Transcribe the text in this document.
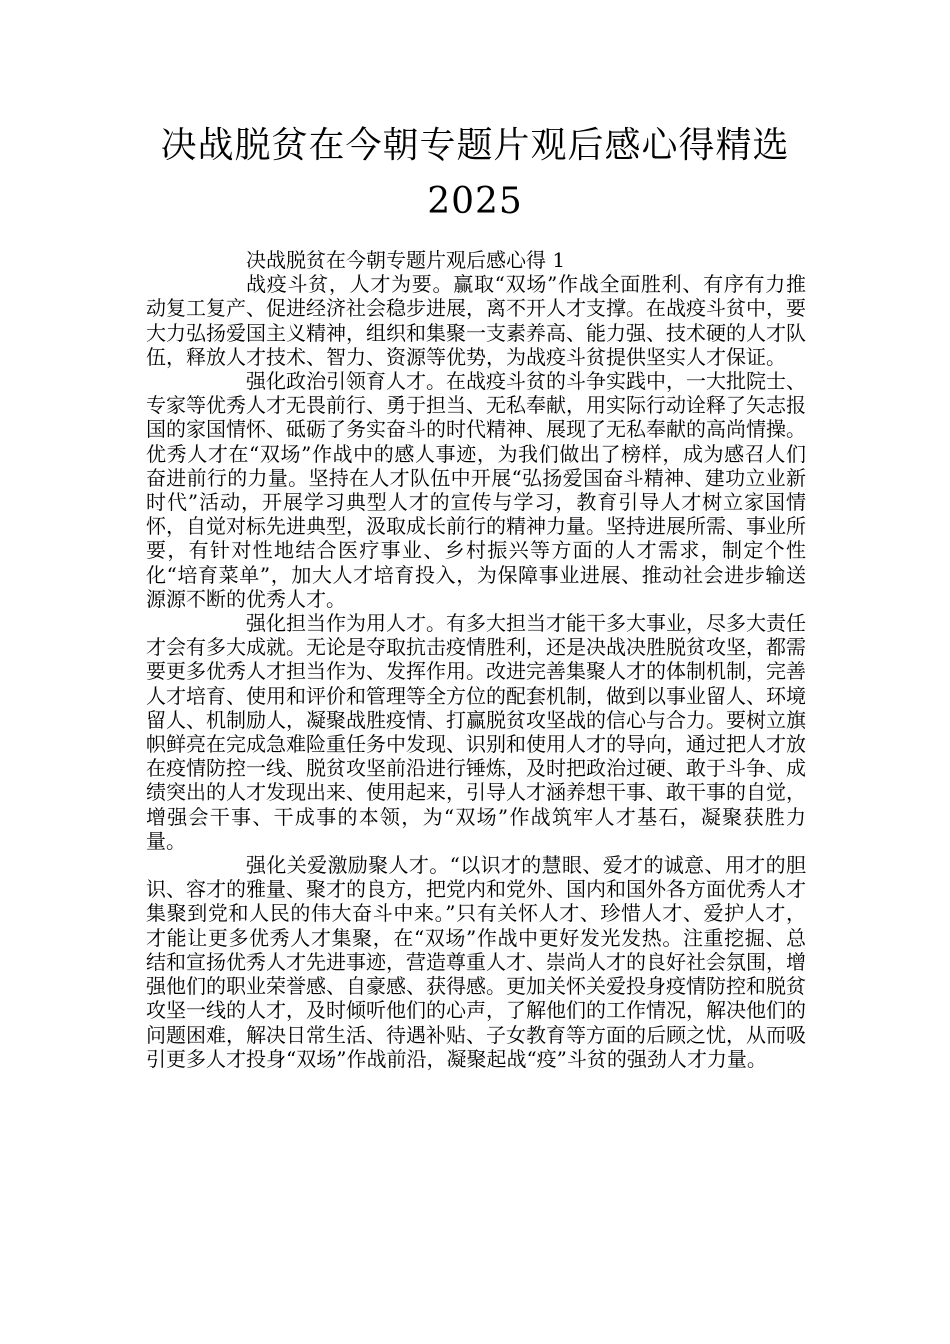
决战脱贫在今朝专题片观后感心得精选
2025

决战脱贫在今朝专题片观后感心得 1

战疫斗贫，人才为要。赢取“双场”作战全面胜利、有序有力推动复工复产、促进经济社会稳步进展，离不开人才支撑。在战疫斗贫中，要大力弘扬爱国主义精神，组织和集聚一支素养高、能力强、技术硬的人才队伍，释放人才技术、智力、资源等优势，为战疫斗贫提供坚实人才保证。

强化政治引领育人才。在战疫斗贫的斗争实践中，一大批院士、专家等优秀人才无畏前行、勇于担当、无私奉献，用实际行动诠释了矢志报国的家国情怀、砥砺了务实奋斗的时代精神、展现了无私奉献的高尚情操。优秀人才在“双场”作战中的感人事迹，为我们做出了榜样，成为感召人们奋进前行的力量。坚持在人才队伍中开展“弘扬爱国奋斗精神、建功立业新时代”活动，开展学习典型人才的宣传与学习，教育引导人才树立家国情怀，自觉对标先进典型，汲取成长前行的精神力量。坚持进展所需、事业所要，有针对性地结合医疗事业、乡村振兴等方面的人才需求，制定个性化“培育菜单”，加大人才培育投入，为保障事业进展、推动社会进步输送源源不断的优秀人才。

强化担当作为用人才。有多大担当才能干多大事业，尽多大责任才会有多大成就。无论是夺取抗击疫情胜利，还是决战决胜脱贫攻坚，都需要更多优秀人才担当作为、发挥作用。改进完善集聚人才的体制机制，完善人才培育、使用和评价和管理等全方位的配套机制，做到以事业留人、环境留人、机制励人，凝聚战胜疫情、打赢脱贫攻坚战的信心与合力。要树立旗帜鲜亮在完成急难险重任务中发现、识别和使用人才的导向，通过把人才放在疫情防控一线、脱贫攻坚前沿进行锤炼，及时把政治过硬、敢于斗争、成绩突出的人才发现出来、使用起来，引导人才涵养想干事、敢干事的自觉，增强会干事、干成事的本领，为“双场”作战筑牢人才基石，凝聚获胜力量。

强化关爱激励聚人才。“以识才的慧眼、爱才的诚意、用才的胆识、容才的雅量、聚才的良方，把党内和党外、国内和国外各方面优秀人才集聚到党和人民的伟大奋斗中来。”只有关怀人才、珍惜人才、爱护人才，才能让更多优秀人才集聚，在“双场”作战中更好发光发热。注重挖掘、总结和宣扬优秀人才先进事迹，营造尊重人才、崇尚人才的良好社会氛围，增强他们的职业荣誉感、自豪感、获得感。更加关怀关爱投身疫情防控和脱贫攻坚一线的人才，及时倾听他们的心声，了解他们的工作情况，解决他们的问题困难，解决日常生活、待遇补贴、子女教育等方面的后顾之忧，从而吸引更多人才投身“双场”作战前沿，凝聚起战“疫”斗贫的强劲人才力量。
